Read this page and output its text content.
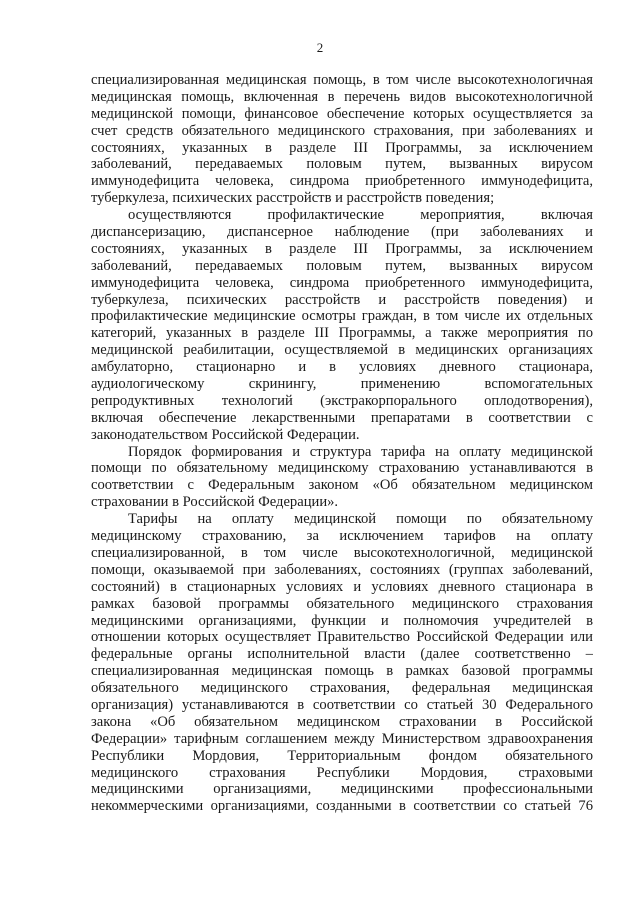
2
специализированная медицинская помощь, в том числе высокотехнологичная
медицинская помощь, включенная в перечень видов высокотехнологичной
медицинской помощи, финансовое обеспечение которых осуществляется за
счет средств обязательного медицинского страхования, при заболеваниях и
состояниях, указанных в разделе III Программы, за исключением
заболеваний, передаваемых половым путем, вызванных вирусом
иммунодефицита человека, синдрома приобретенного иммунодефицита,
туберкулеза, психических расстройств и расстройств поведения;
осуществляются профилактические мероприятия, включая
диспансеризацию, диспансерное наблюдение (при заболеваниях и
состояниях, указанных в разделе III Программы, за исключением
заболеваний, передаваемых половым путем, вызванных вирусом
иммунодефицита человека, синдрома приобретенного иммунодефицита,
туберкулеза, психических расстройств и расстройств поведения) и
профилактические медицинские осмотры граждан, в том числе их отдельных
категорий, указанных в разделе III Программы, а также мероприятия по
медицинской реабилитации, осуществляемой в медицинских организациях
амбулаторно, стационарно и в условиях дневного стационара,
аудиологическому скринингу, применению вспомогательных
репродуктивных технологий (экстракорпорального оплодотворения),
включая обеспечение лекарственными препаратами в соответствии с
законодательством Российской Федерации.
Порядок формирования и структура тарифа на оплату медицинской
помощи по обязательному медицинскому страхованию устанавливаются в
соответствии с Федеральным законом «Об обязательном медицинском
страховании в Российской Федерации».
Тарифы на оплату медицинской помощи по обязательному
медицинскому страхованию, за исключением тарифов на оплату
специализированной, в том числе высокотехнологичной, медицинской
помощи, оказываемой при заболеваниях, состояниях (группах заболеваний,
состояний) в стационарных условиях и условиях дневного стационара в
рамках базовой программы обязательного медицинского страхования
медицинскими организациями, функции и полномочия учредителей в
отношении которых осуществляет Правительство Российской Федерации или
федеральные органы исполнительной власти (далее соответственно –
специализированная медицинская помощь в рамках базовой программы
обязательного медицинского страхования, федеральная медицинская
организация) устанавливаются в соответствии со статьей 30 Федерального
закона «Об обязательном медицинском страховании в Российской
Федерации» тарифным соглашением между Министерством здравоохранения
Республики Мордовия, Территориальным фондом обязательного
медицинского страхования Республики Мордовия, страховыми
медицинскими организациями, медицинскими профессиональными
некоммерческими организациями, созданными в соответствии со статьей 76
